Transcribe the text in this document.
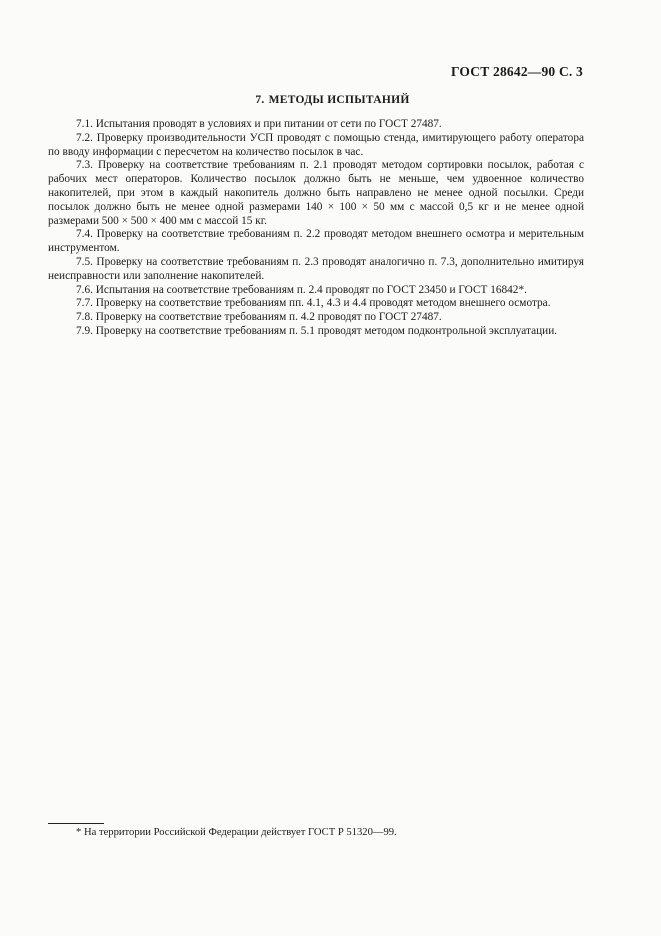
ГОСТ 28642—90 С. 3
7. МЕТОДЫ ИСПЫТАНИЙ

7.1. Испытания проводят в условиях и при питании от сети по ГОСТ 27487.

7.2. Проверку производительности УСП проводят с помощью стенда, имитирующего работу оператора по вводу информации с пересчетом на количество посылок в час.

7.3. Проверку на соответствие требованиям п. 2.1 проводят методом сортировки посылок, работая с рабочих мест операторов. Количество посылок должно быть не меньше, чем удвоенное количество накопителей, при этом в каждый накопитель должно быть направлено не менее одной посылки. Среди посылок должно быть не менее одной размерами 140 × 100 × 50 мм с массой 0,5 кг и не менее одной размерами 500 × 500 × 400 мм с массой 15 кг.

7.4. Проверку на соответствие требованиям п. 2.2 проводят методом внешнего осмотра и мерительным инструментом.

7.5. Проверку на соответствие требованиям п. 2.3 проводят аналогично п. 7.3, дополнительно имитируя неисправности или заполнение накопителей.

7.6. Испытания на соответствие требованиям п. 2.4 проводят по ГОСТ 23450 и ГОСТ 16842*.

7.7. Проверку на соответствие требованиям пп. 4.1, 4.3 и 4.4 проводят методом внешнего осмотра.

7.8. Проверку на соответствие требованиям п. 4.2 проводят по ГОСТ 27487.

7.9. Проверку на соответствие требованиям п. 5.1 проводят методом подконтрольной эксплуатации.

* На территории Российской Федерации действует ГОСТ Р 51320—99.
